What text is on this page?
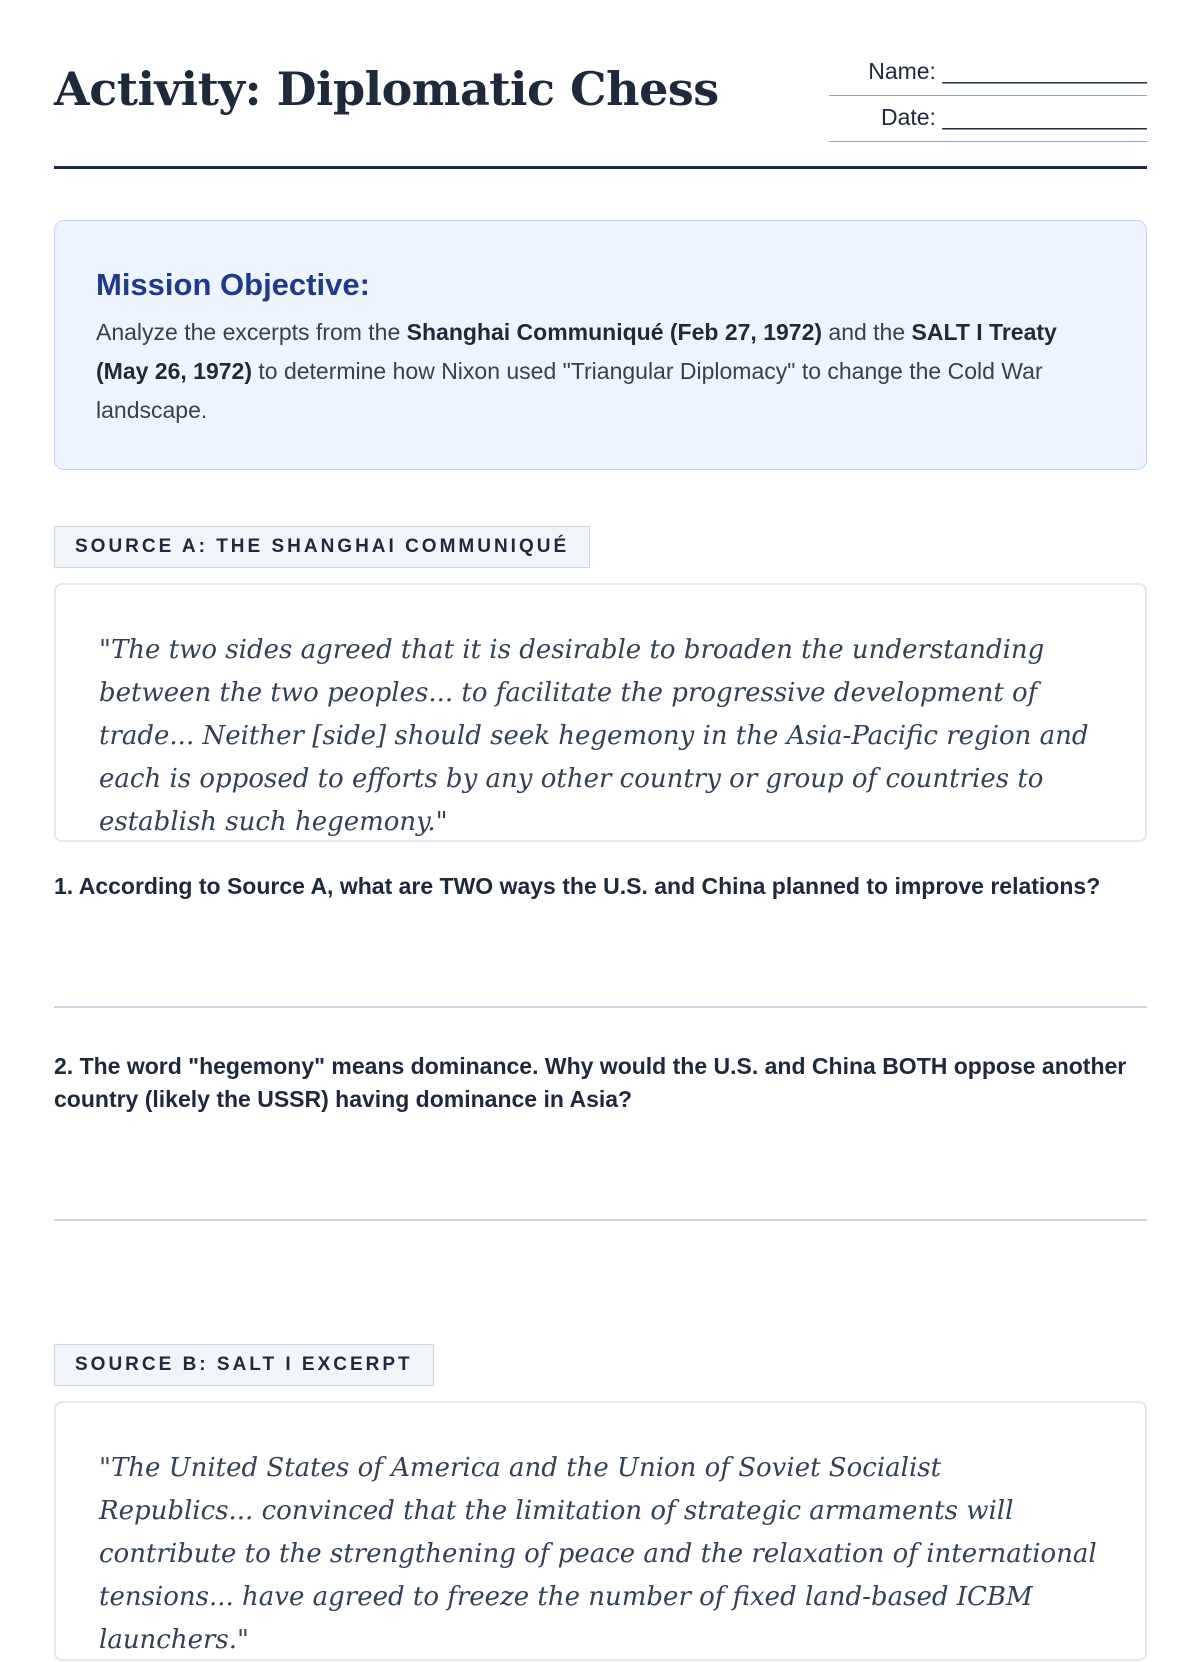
Activity: Diplomatic Chess	Name: ________________
Date: ________________
Mission Objective:

Analyze the excerpts from the Shanghai Communiqué (Feb 27, 1972) and the SALT I Treaty (May 26, 1972) to determine how Nixon used "Triangular Diplomacy" to change the Cold War landscape.

SOURCE A: THE SHANGHAI COMMUNIQUÉ

"The two sides agreed that it is desirable to broaden the understanding between the two peoples... to facilitate the progressive development of trade... Neither [side] should seek hegemony in the Asia-Pacific region and each is opposed to efforts by any other country or group of countries to establish such hegemony."

1. According to Source A, what are TWO ways the U.S. and China planned to improve relations?

2. The word "hegemony" means dominance. Why would the U.S. and China BOTH oppose another country (likely the USSR) having dominance in Asia?

SOURCE B: SALT I EXCERPT

"The United States of America and the Union of Soviet Socialist Republics... convinced that the limitation of strategic armaments will contribute to the strengthening of peace and the relaxation of international tensions... have agreed to freeze the number of fixed land-based ICBM launchers."
